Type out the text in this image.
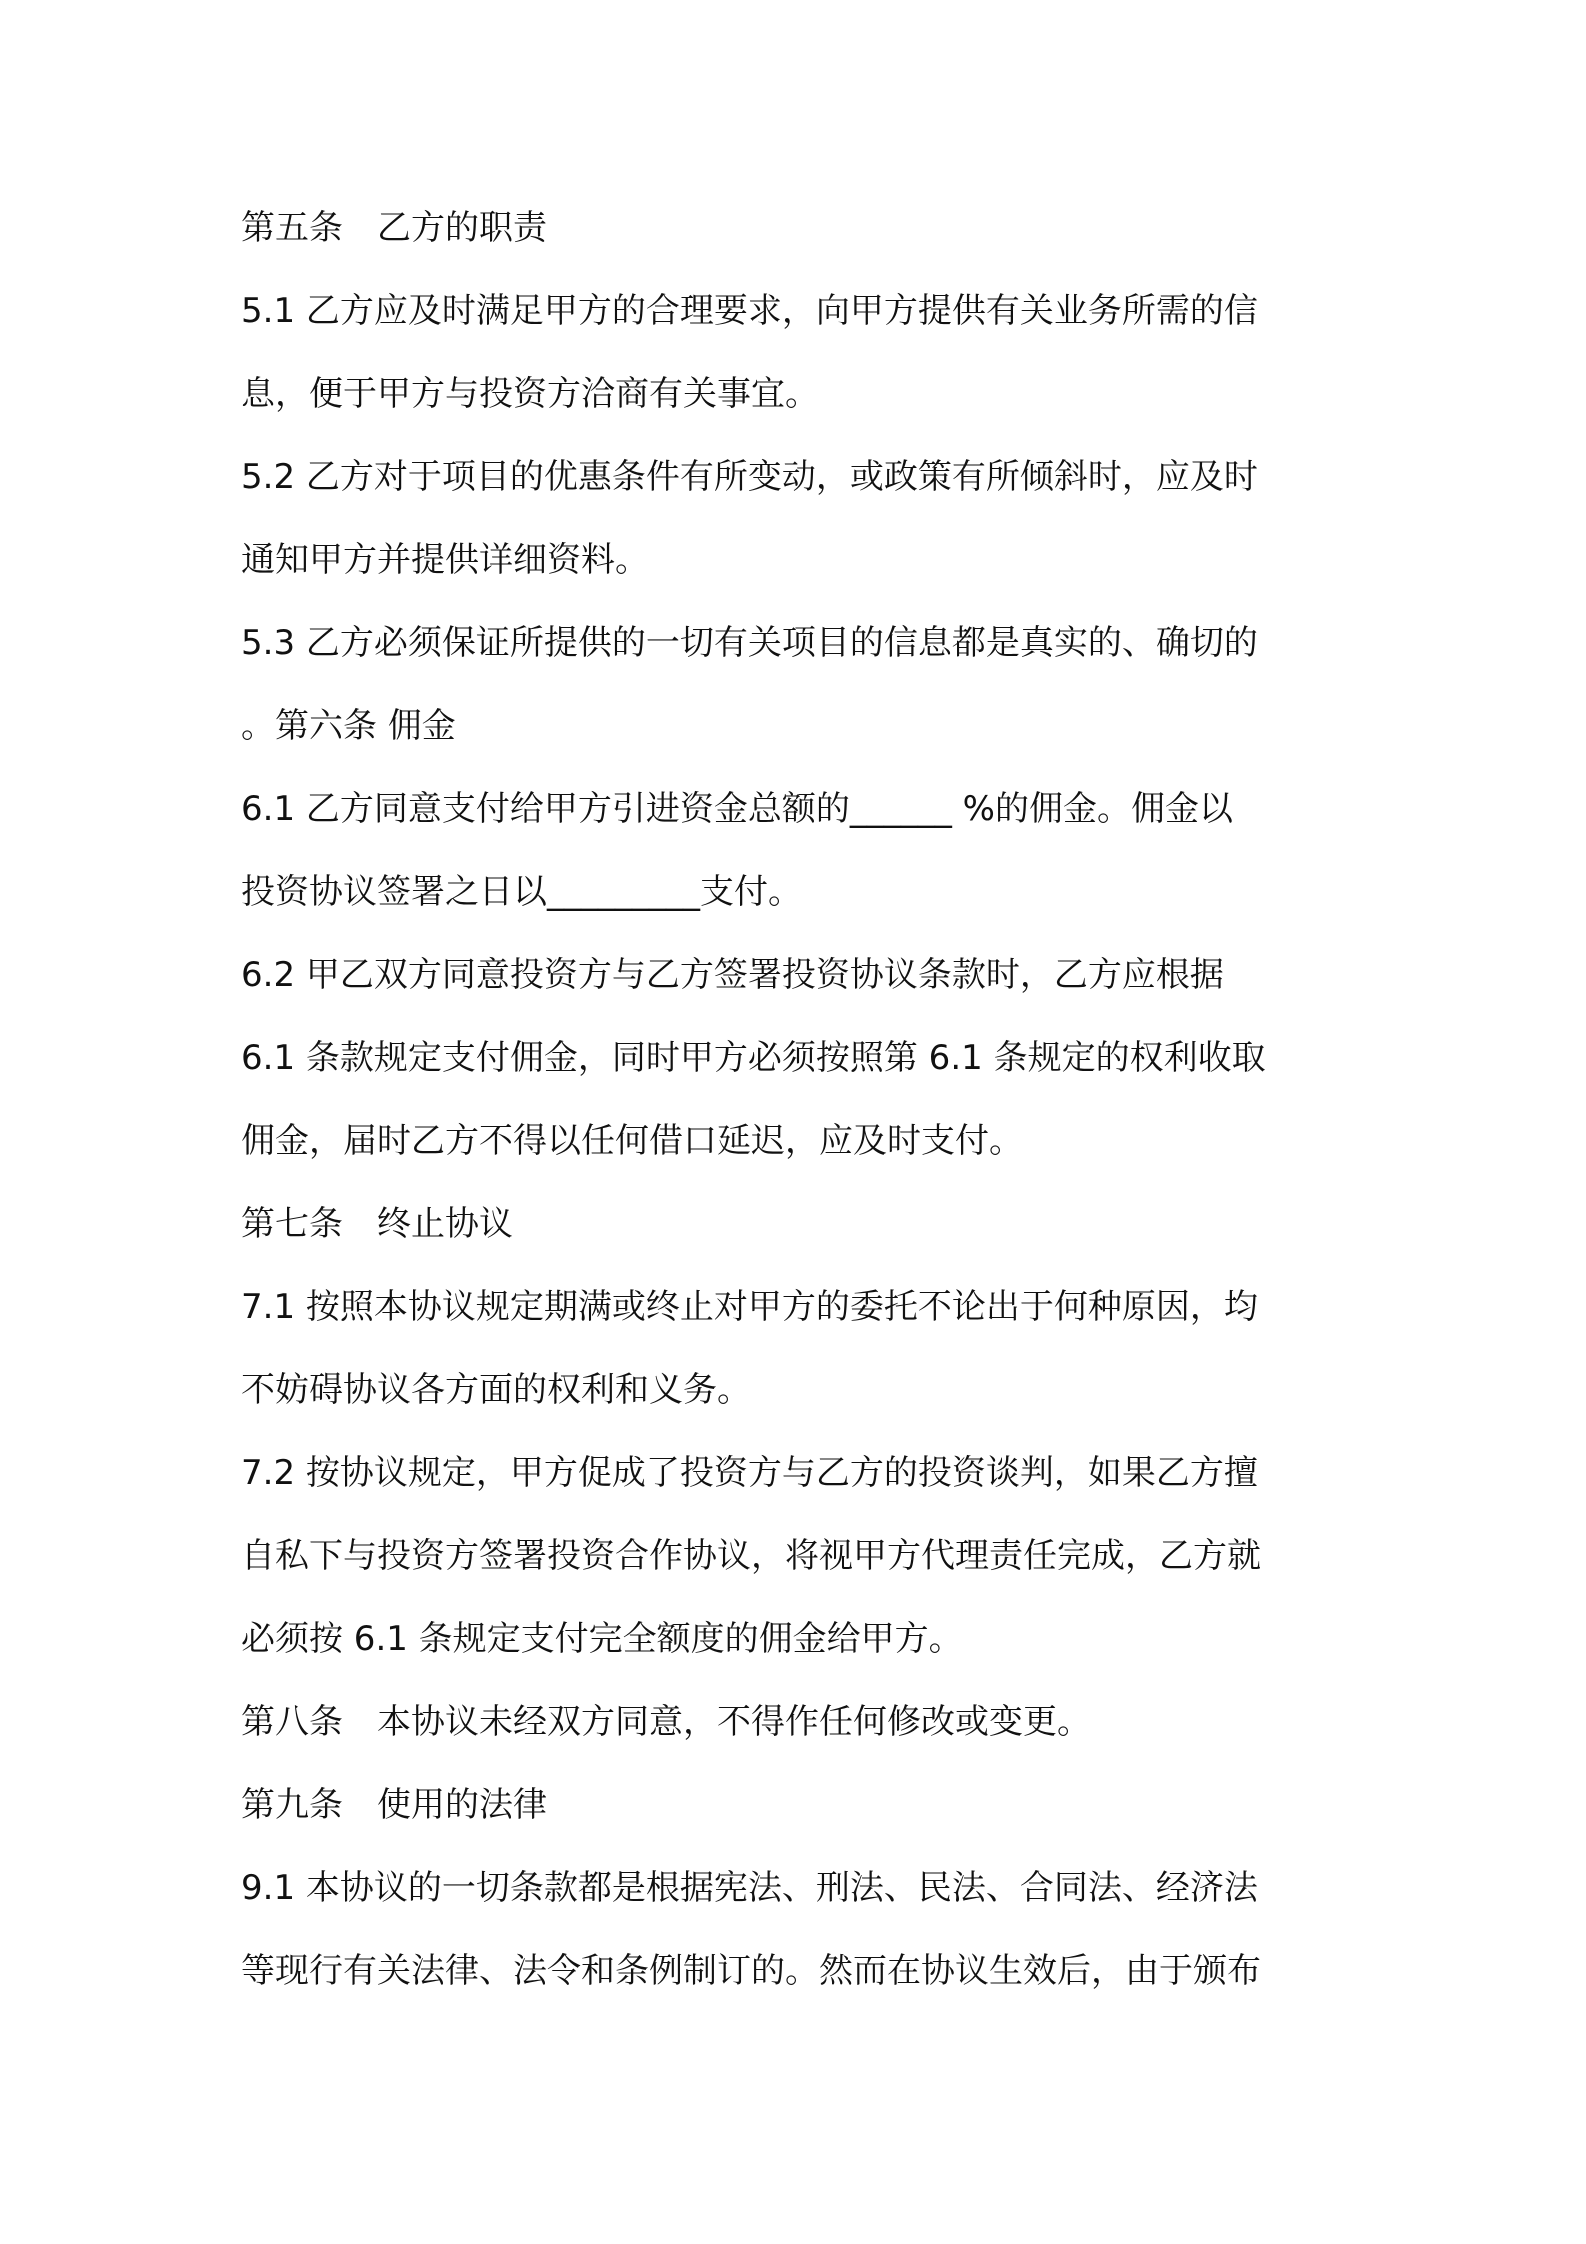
第五条　乙方的职责
5.1 乙方应及时满足甲方的合理要求，向甲方提供有关业务所需的信
息，便于甲方与投资方洽商有关事宜。
5.2 乙方对于项目的优惠条件有所变动，或政策有所倾斜时，应及时
通知甲方并提供详细资料。
5.3 乙方必须保证所提供的一切有关项目的信息都是真实的、确切的
。第六条 佣金
6.1 乙方同意支付给甲方引进资金总额的______ %的佣金。佣金以
投资协议签署之日以_________支付。
6.2 甲乙双方同意投资方与乙方签署投资协议条款时，乙方应根据
6.1 条款规定支付佣金，同时甲方必须按照第 6.1 条规定的权利收取
佣金，届时乙方不得以任何借口延迟，应及时支付。
第七条　终止协议
7.1 按照本协议规定期满或终止对甲方的委托不论出于何种原因，均
不妨碍协议各方面的权利和义务。
7.2 按协议规定，甲方促成了投资方与乙方的投资谈判，如果乙方擅
自私下与投资方签署投资合作协议，将视甲方代理责任完成，乙方就
必须按 6.1 条规定支付完全额度的佣金给甲方。
第八条　本协议未经双方同意，不得作任何修改或变更。
第九条　使用的法律
9.1 本协议的一切条款都是根据宪法、刑法、民法、合同法、经济法
等现行有关法律、法令和条例制订的。然而在协议生效后，由于颁布
